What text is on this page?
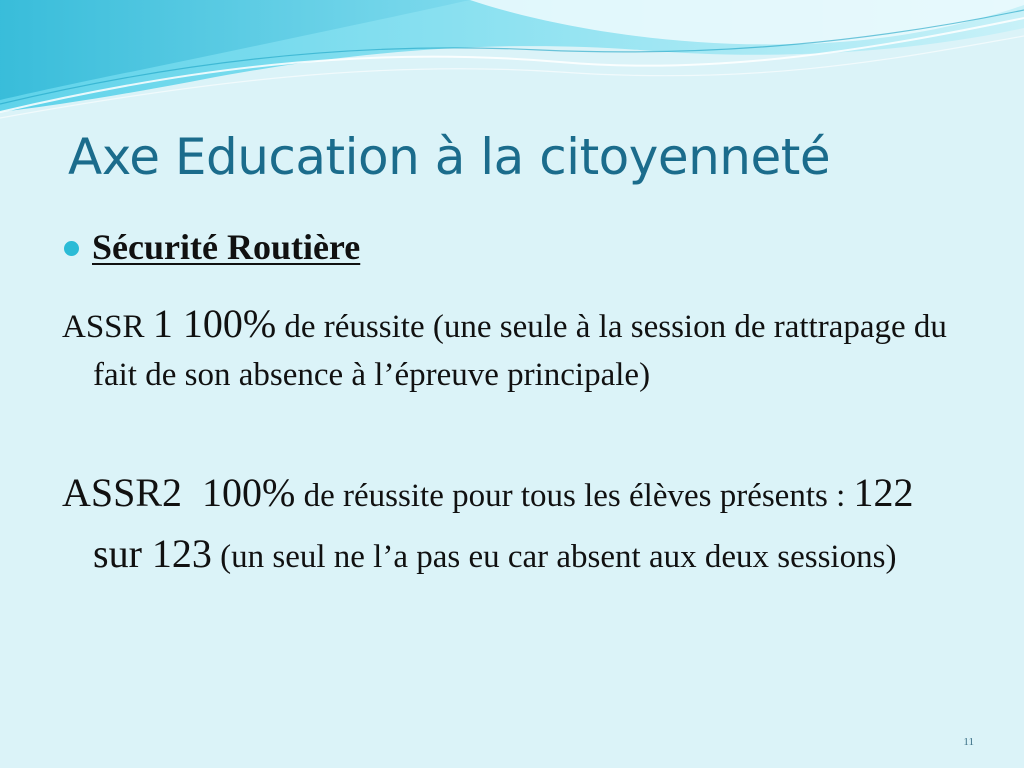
Axe Education à la citoyenneté
Sécurité Routière
ASSR 1 100% de réussite (une seule à la session de rattrapage du fait de son absence à l’épreuve principale)
ASSR2  100% de réussite pour tous les élèves présents : 122 sur 123 (un seul ne l’a pas eu car absent aux deux sessions)
11
